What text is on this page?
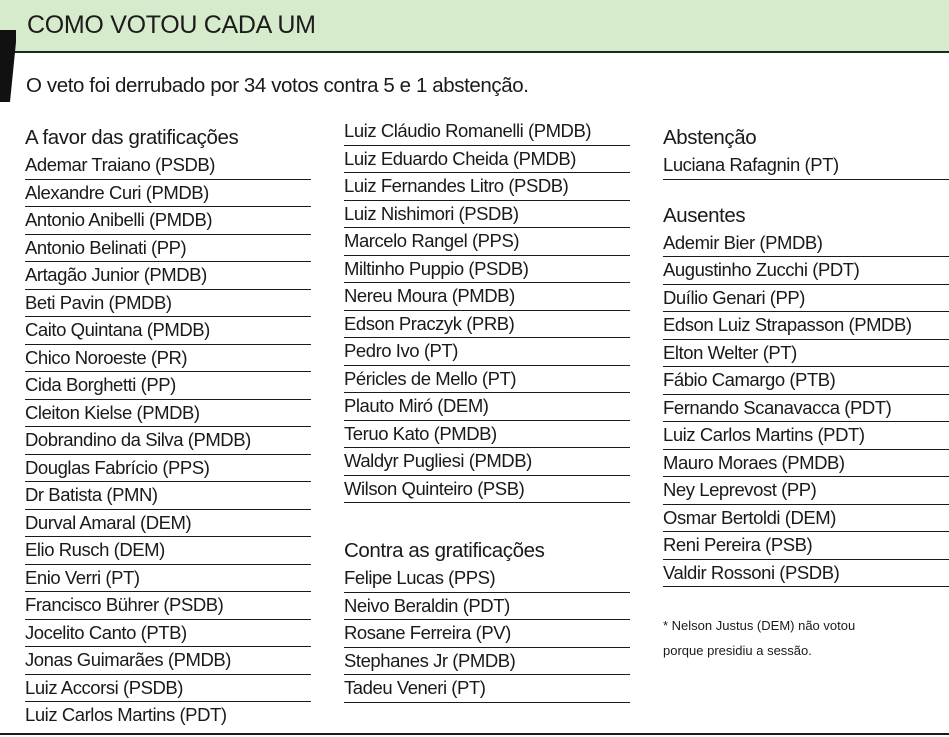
COMO VOTOU CADA UM
O veto foi derrubado por 34 votos contra 5 e 1 abstenção.
A favor das gratificações
Ademar Traiano (PSDB)
Alexandre Curi (PMDB)
Antonio Anibelli (PMDB)
Antonio Belinati (PP)
Artagão Junior (PMDB)
Beti Pavin (PMDB)
Caito Quintana (PMDB)
Chico Noroeste (PR)
Cida Borghetti (PP)
Cleiton Kielse (PMDB)
Dobrandino da Silva (PMDB)
Douglas Fabrício (PPS)
Dr Batista (PMN)
Durval Amaral (DEM)
Elio Rusch (DEM)
Enio Verri (PT)
Francisco Bührer (PSDB)
Jocelito Canto (PTB)
Jonas Guimarães (PMDB)
Luiz Accorsi (PSDB)
Luiz Carlos Martins (PDT)
Luiz Cláudio Romanelli (PMDB)
Luiz Eduardo Cheida (PMDB)
Luiz Fernandes Litro (PSDB)
Luiz Nishimori (PSDB)
Marcelo Rangel (PPS)
Miltinho Puppio (PSDB)
Nereu Moura (PMDB)
Edson Praczyk (PRB)
Pedro Ivo (PT)
Péricles de Mello (PT)
Plauto Miró (DEM)
Teruo Kato (PMDB)
Waldyr Pugliesi (PMDB)
Wilson Quinteiro (PSB)
Contra as gratificações
Felipe Lucas (PPS)
Neivo Beraldin (PDT)
Rosane Ferreira (PV)
Stephanes Jr (PMDB)
Tadeu Veneri (PT)
Abstenção
Luciana Rafagnin (PT)
Ausentes
Ademir Bier (PMDB)
Augustinho Zucchi (PDT)
Duílio Genari (PP)
Edson Luiz Strapasson (PMDB)
Elton Welter (PT)
Fábio Camargo (PTB)
Fernando Scanavacca (PDT)
Luiz Carlos Martins (PDT)
Mauro Moraes (PMDB)
Ney Leprevost (PP)
Osmar Bertoldi (DEM)
Reni Pereira (PSB)
Valdir Rossoni (PSDB)
* Nelson Justus (DEM) não votou
porque presidiu a sessão.
